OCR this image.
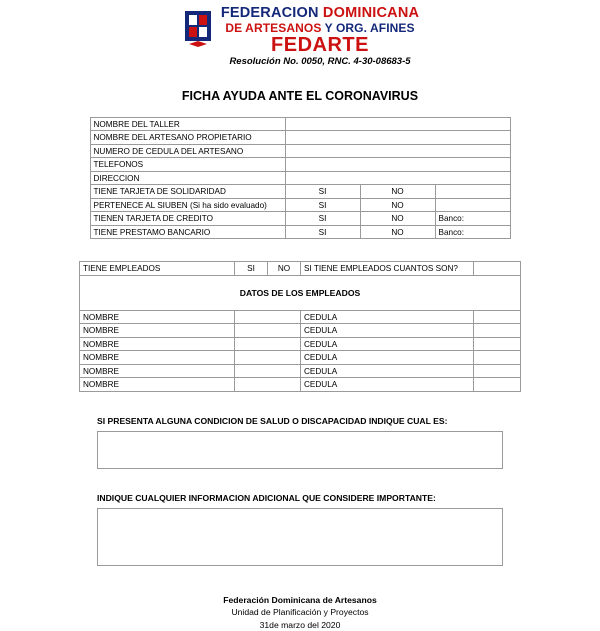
FEDERACION DOMINICANA
DE ARTESANOS Y ORG. AFINES
FEDARTE
Resolución No. 0050, RNC. 4-30-08683-5
FICHA AYUDA ANTE EL CORONAVIRUS
NOMBRE DEL TALLER			
NOMBRE DEL ARTESANO PROPIETARIO			
NUMERO DE CEDULA DEL ARTESANO			
TELEFONOS			
DIRECCION			
TIENE TARJETA DE SOLIDARIDAD	SI	NO	
PERTENECE AL SIUBEN (Si ha sido evaluado)	SI	NO	
TIENEN TARJETA DE CREDITO	SI	NO	Banco:
TIENE PRESTAMO BANCARIO	SI	NO	Banco:
TIENE EMPLEADOS	SI	NO	SI TIENE EMPLEADOS CUANTOS SON?	
DATOS DE LOS EMPLEADOS				
NOMBRE			CEDULA	
NOMBRE			CEDULA	
NOMBRE			CEDULA	
NOMBRE			CEDULA	
NOMBRE			CEDULA	
NOMBRE			CEDULA	
SI PRESENTA ALGUNA CONDICION DE SALUD O DISCAPACIDAD INDIQUE CUAL ES:
INDIQUE CUALQUIER INFORMACION ADICIONAL QUE CONSIDERE IMPORTANTE:
Federación Dominicana de Artesanos
Unidad de Planificación y Proyectos
31de marzo del 2020
